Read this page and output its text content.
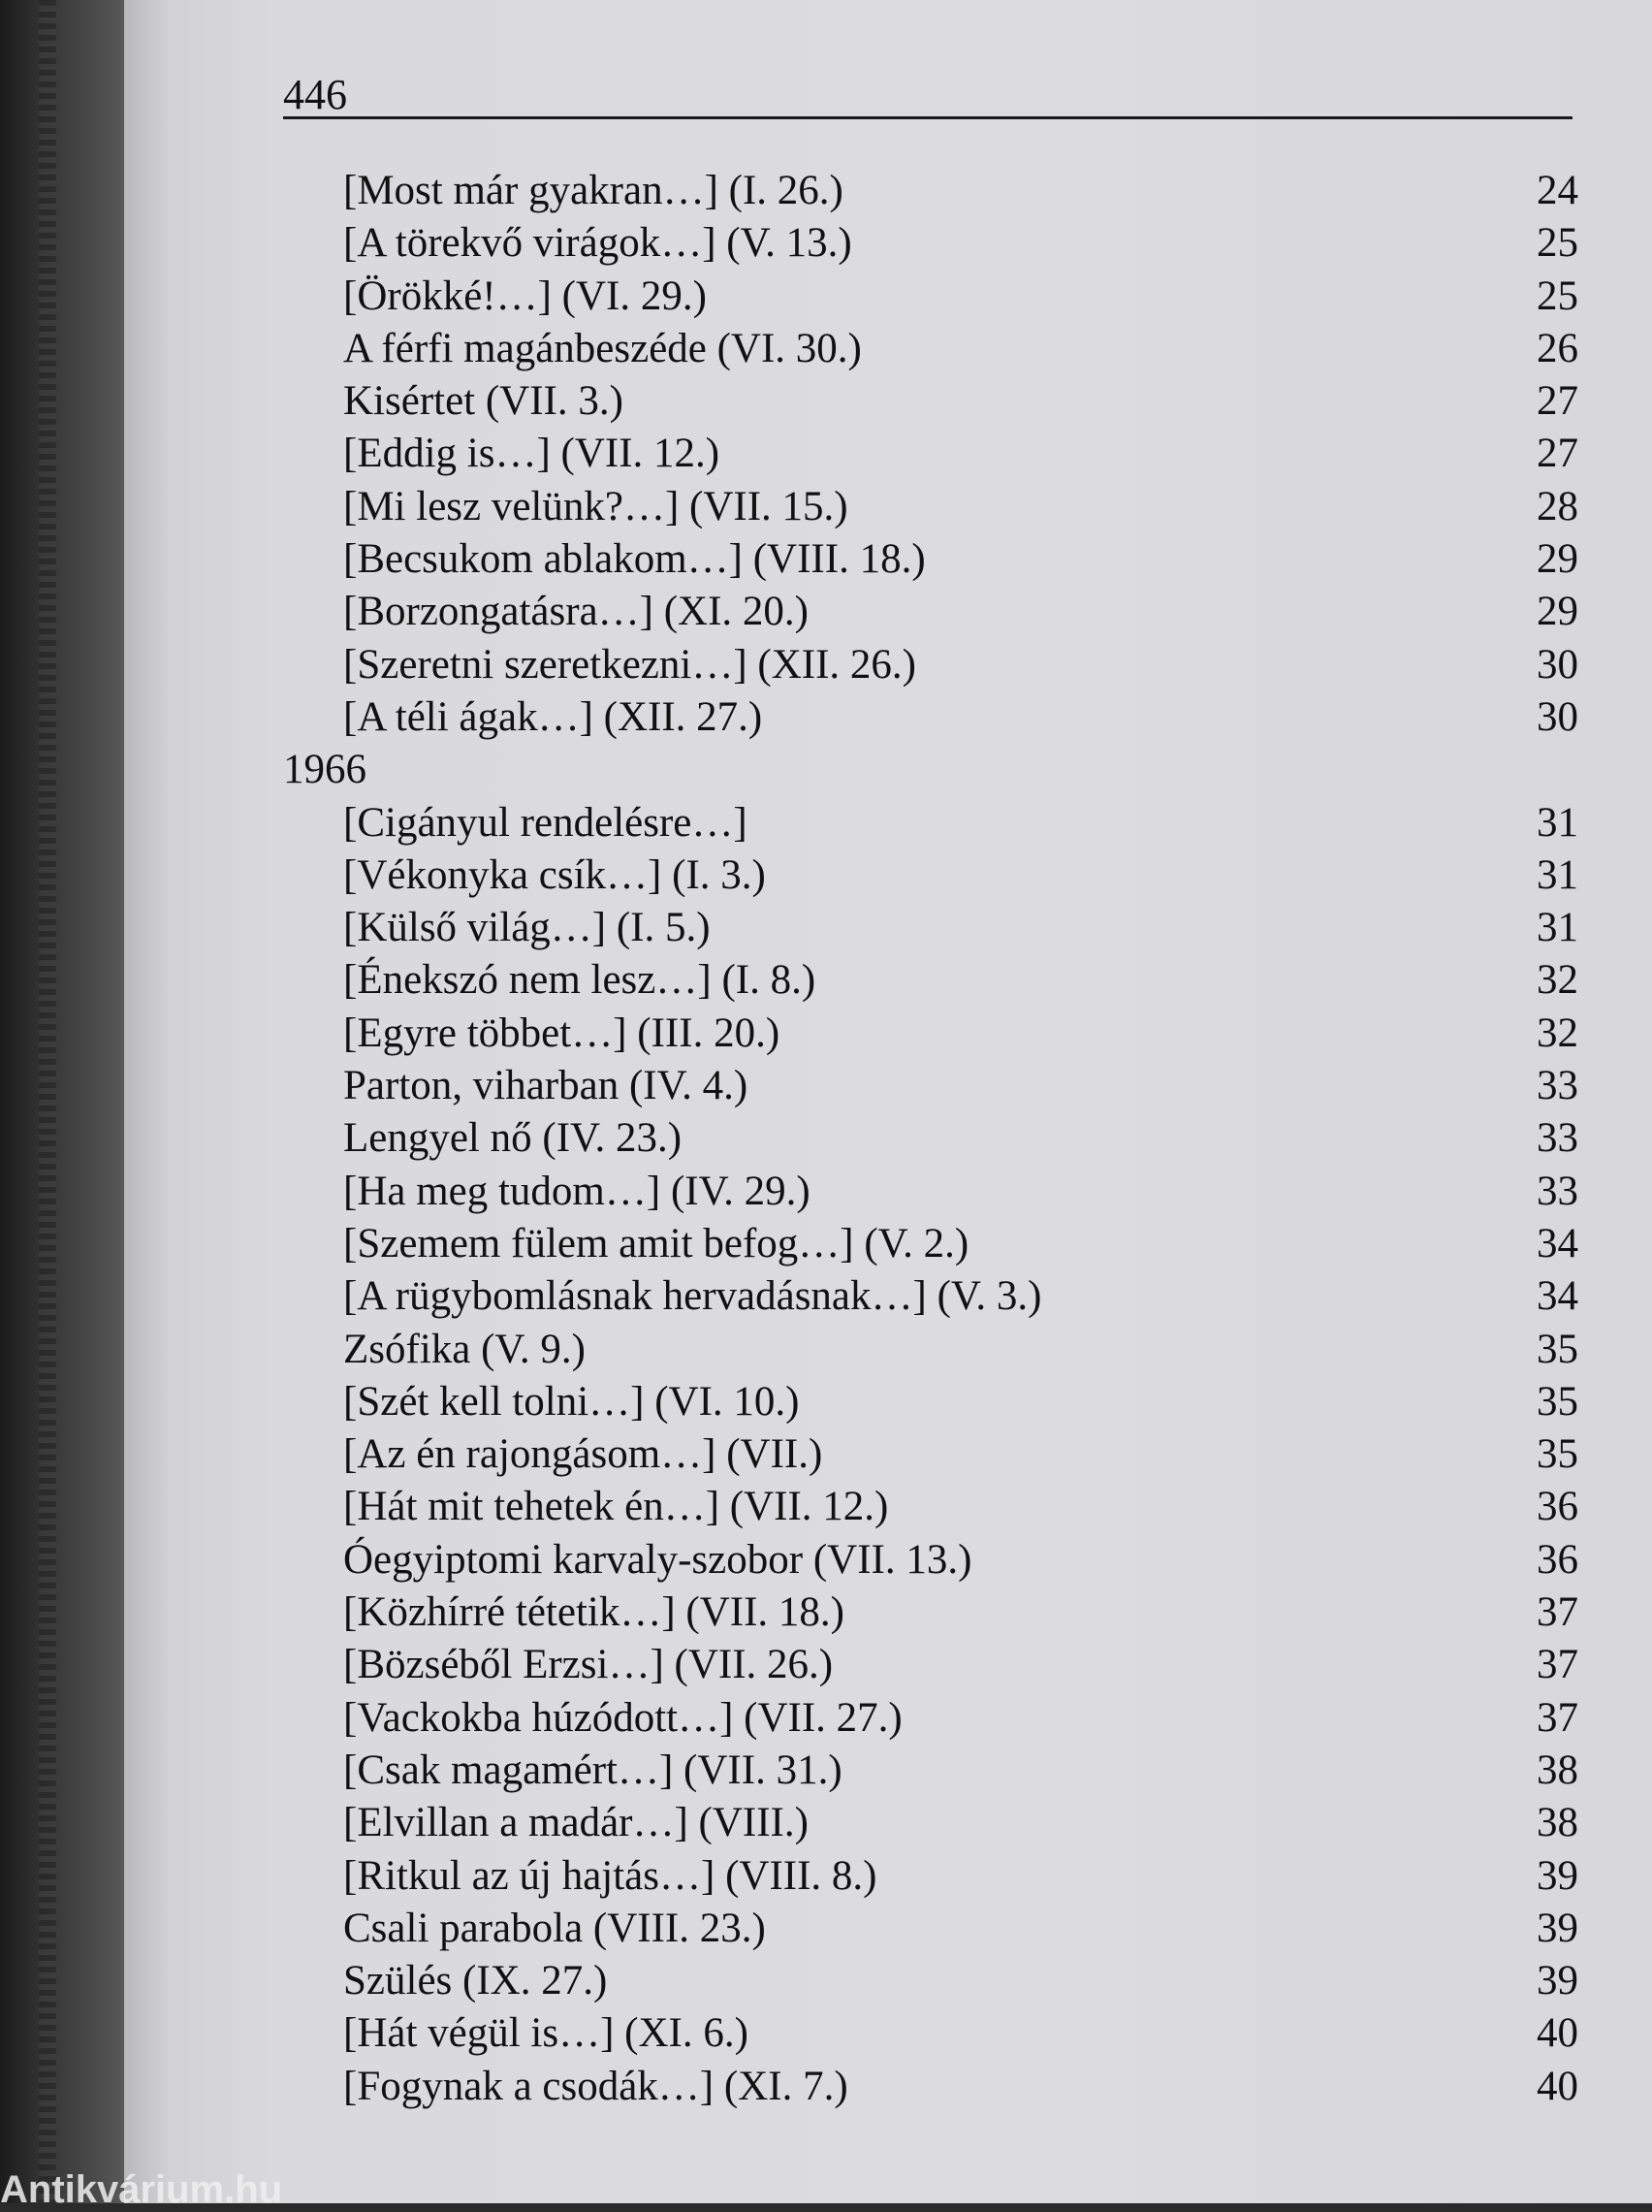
446
[Most már gyakran…] (I. 26.)	24
[A törekvő virágok…] (V. 13.)	25
[Örökké!…] (VI. 29.)	25
A férfi magánbeszéde (VI. 30.)	26
Kisértet (VII. 3.)	27
[Eddig is…] (VII. 12.)	27
[Mi lesz velünk?…] (VII. 15.)	28
[Becsukom ablakom…] (VIII. 18.)	29
[Borzongatásra…] (XI. 20.)	29
[Szeretni szeretkezni…] (XII. 26.)	30
[A téli ágak…] (XII. 27.)	30
1966
[Cigányul rendelésre…]	31
[Vékonyka csík…] (I. 3.)	31
[Külső világ…] (I. 5.)	31
[Énekszó nem lesz…] (I. 8.)	32
[Egyre többet…] (III. 20.)	32
Parton, viharban (IV. 4.)	33
Lengyel nő (IV. 23.)	33
[Ha meg tudom…] (IV. 29.)	33
[Szemem fülem amit befog…] (V. 2.)	34
[A rügybomlásnak hervadásnak…] (V. 3.)	34
Zsófika (V. 9.)	35
[Szét kell tolni…] (VI. 10.)	35
[Az én rajongásom…] (VII.)	35
[Hát mit tehetek én…] (VII. 12.)	36
Óegyiptomi karvaly-szobor (VII. 13.)	36
[Közhírré tétetik…] (VII. 18.)	37
[Bözséből Erzsi…] (VII. 26.)	37
[Vackokba húzódott…] (VII. 27.)	37
[Csak magamért…] (VII. 31.)	38
[Elvillan a madár…] (VIII.)	38
[Ritkul az új hajtás…] (VIII. 8.)	39
Csali parabola (VIII. 23.)	39
Szülés (IX. 27.)	39
[Hát végül is…] (XI. 6.)	40
[Fogynak a csodák…] (XI. 7.)	40
Antikvárium.hu
